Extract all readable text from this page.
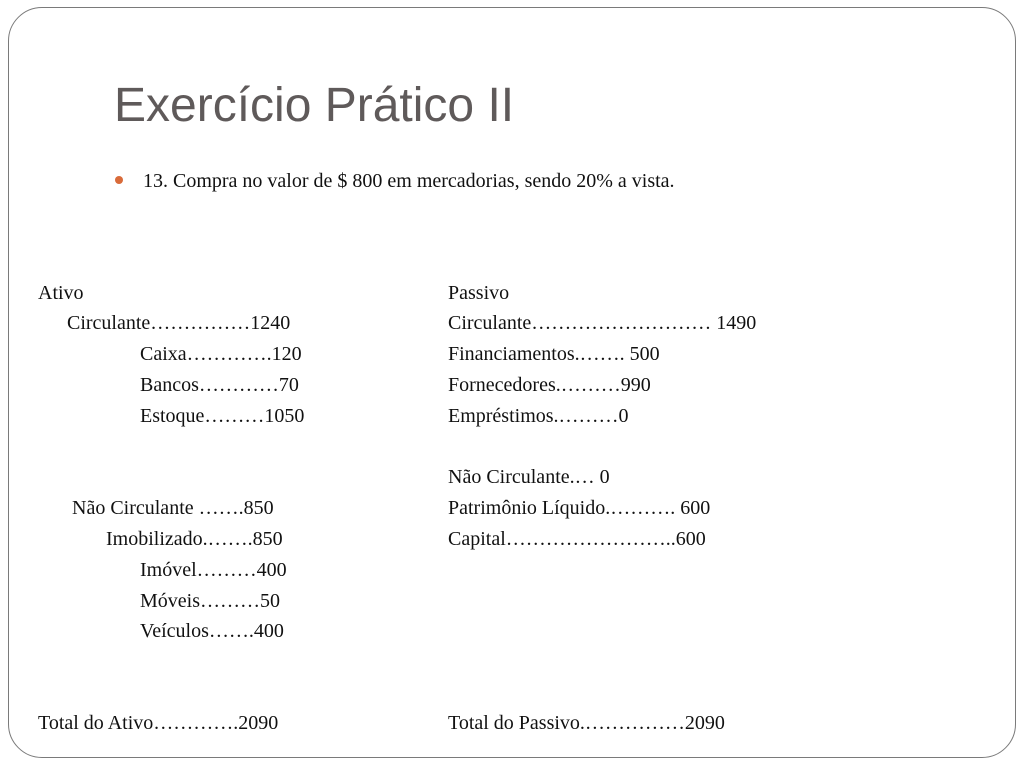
Exercício Prático II
13. Compra no valor de $ 800 em mercadorias, sendo 20% a vista.
Ativo
Circulante……………1240
Caixa………….120
Bancos…………70
Estoque………1050
Não Circulante …….850
Imobilizado.…….850
Imóvel………400
Móveis………50
Veículos…….400
Total do Ativo………….2090
Passivo
Circulante……………………… 1490
Financiamentos.……. 500
Fornecedores.………990
Empréstimos.………0
Não Circulante.… 0
Patrimônio Líquido.………. 600
Capital……………………..600
Total do Passivo.……………2090
